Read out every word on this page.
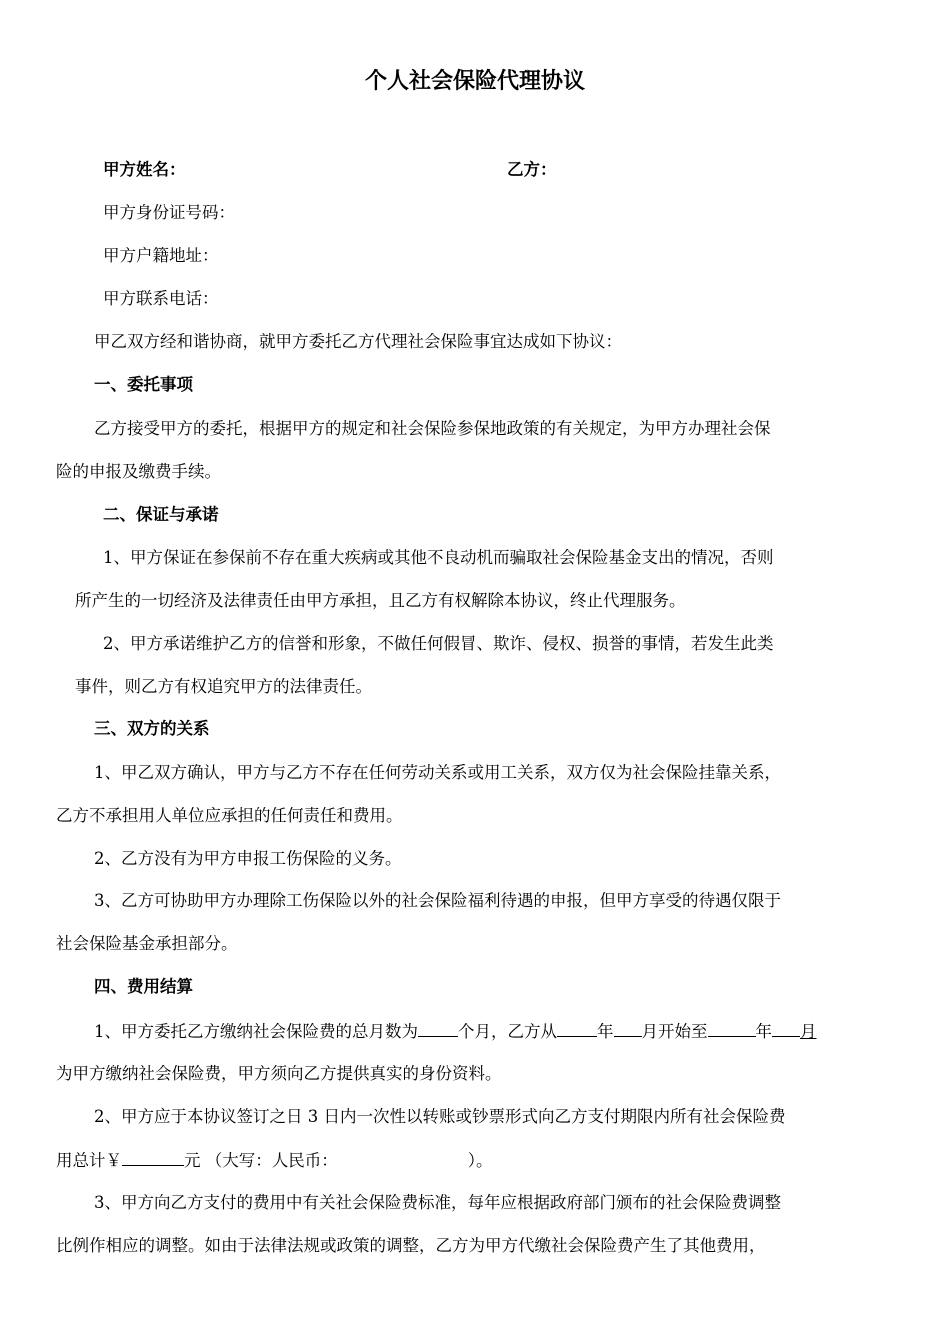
个人社会保险代理协议
甲方姓名：	乙方：
甲方身份证号码：
甲方户籍地址：
甲方联系电话：
甲乙双方经和谐协商，就甲方委托乙方代理社会保险事宜达成如下协议：
一、委托事项
乙方接受甲方的委托，根据甲方的规定和社会保险参保地政策的有关规定，为甲方办理社会保
险的申报及缴费手续。
二、保证与承诺
1、甲方保证在参保前不存在重大疾病或其他不良动机而骗取社会保险基金支出的情况，否则
所产生的一切经济及法律责任由甲方承担，且乙方有权解除本协议，终止代理服务。
2、甲方承诺维护乙方的信誉和形象，不做任何假冒、欺诈、侵权、损誉的事情，若发生此类
事件，则乙方有权追究甲方的法律责任。
三、双方的关系
1、甲乙双方确认，甲方与乙方不存在任何劳动关系或用工关系，双方仅为社会保险挂靠关系，
乙方不承担用人单位应承担的任何责任和费用。
2、乙方没有为甲方申报工伤保险的义务。
3、乙方可协助甲方办理除工伤保险以外的社会保险福利待遇的申报，但甲方享受的待遇仅限于
社会保险基金承担部分。
四、费用结算
1、甲方委托乙方缴纳社会保险费的总月数为 个月，乙方从 年 月开始至	年 月
为甲方缴纳社会保险费，甲方须向乙方提供真实的身份资料。
2、甲方应于本协议签订之日 3 日内一次性以转账或钞票形式向乙方支付期限内所有社会保险费
用总计￥	元 （大写：人民币：	）。
3、甲方向乙方支付的费用中有关社会保险费标准，每年应根据政府部门颁布的社会保险费调整
比例作相应的调整。如由于法律法规或政策的调整，乙方为甲方代缴社会保险费产生了其他费用，
